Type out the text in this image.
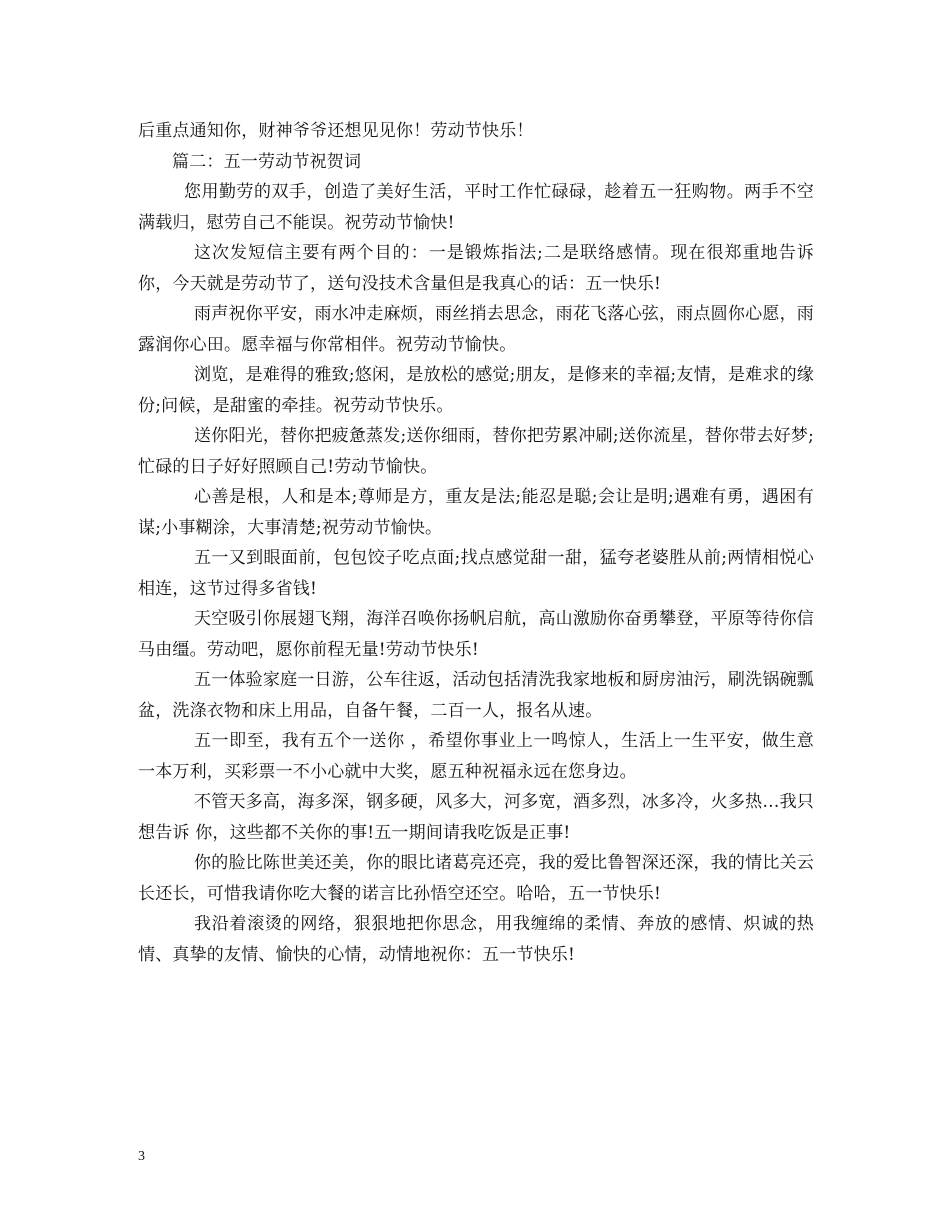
后重点通知你，财神爷爷还想见见你！劳动节快乐！

篇二：五一劳动节祝贺词

您用勤劳的双手，创造了美好生活，平时工作忙碌碌，趁着五一狂购物。两手不空满载归，慰劳自己不能误。祝劳动节愉快!

这次发短信主要有两个目的：一是锻炼指法;二是联络感情。现在很郑重地告诉你，今天就是劳动节了，送句没技术含量但是我真心的话：五一快乐!

雨声祝你平安，雨水冲走麻烦，雨丝捎去思念，雨花飞落心弦，雨点圆你心愿，雨露润你心田。愿幸福与你常相伴。祝劳动节愉快。

浏览，是难得的雅致;悠闲，是放松的感觉;朋友，是修来的幸福;友情，是难求的缘份;问候，是甜蜜的牵挂。祝劳动节快乐。

送你阳光，替你把疲惫蒸发;送你细雨，替你把劳累冲刷;送你流星，替你带去好梦;忙碌的日子好好照顾自己!劳动节愉快。

心善是根，人和是本;尊师是方，重友是法;能忍是聪;会让是明;遇难有勇，遇困有谋;小事糊涂，大事清楚;祝劳动节愉快。

五一又到眼面前，包包饺子吃点面;找点感觉甜一甜，猛夸老婆胜从前;两情相悦心相连，这节过得多省钱!

天空吸引你展翅飞翔，海洋召唤你扬帆启航，高山激励你奋勇攀登，平原等待你信马由缰。劳动吧，愿你前程无量!劳动节快乐!

五一体验家庭一日游，公车往返，活动包括清洗我家地板和厨房油污，刷洗锅碗瓢盆，洗涤衣物和床上用品，自备午餐，二百一人，报名从速。

五一即至，我有五个一送你 ，希望你事业上一鸣惊人，生活上一生平安，做生意一本万利，买彩票一不小心就中大奖，愿五种祝福永远在您身边。

不管天多高，海多深，钢多硬，风多大，河多宽，酒多烈，冰多冷，火多热…我只想告诉 你，这些都不关你的事!五一期间请我吃饭是正事!

你的脸比陈世美还美，你的眼比诸葛亮还亮，我的爱比鲁智深还深，我的情比关云长还长，可惜我请你吃大餐的诺言比孙悟空还空。哈哈，五一节快乐!

我沿着滚烫的网络，狠狠地把你思念，用我缠绵的柔情、奔放的感情、炽诚的热情、真挚的友情、愉快的心情，动情地祝你：五一节快乐!

3
